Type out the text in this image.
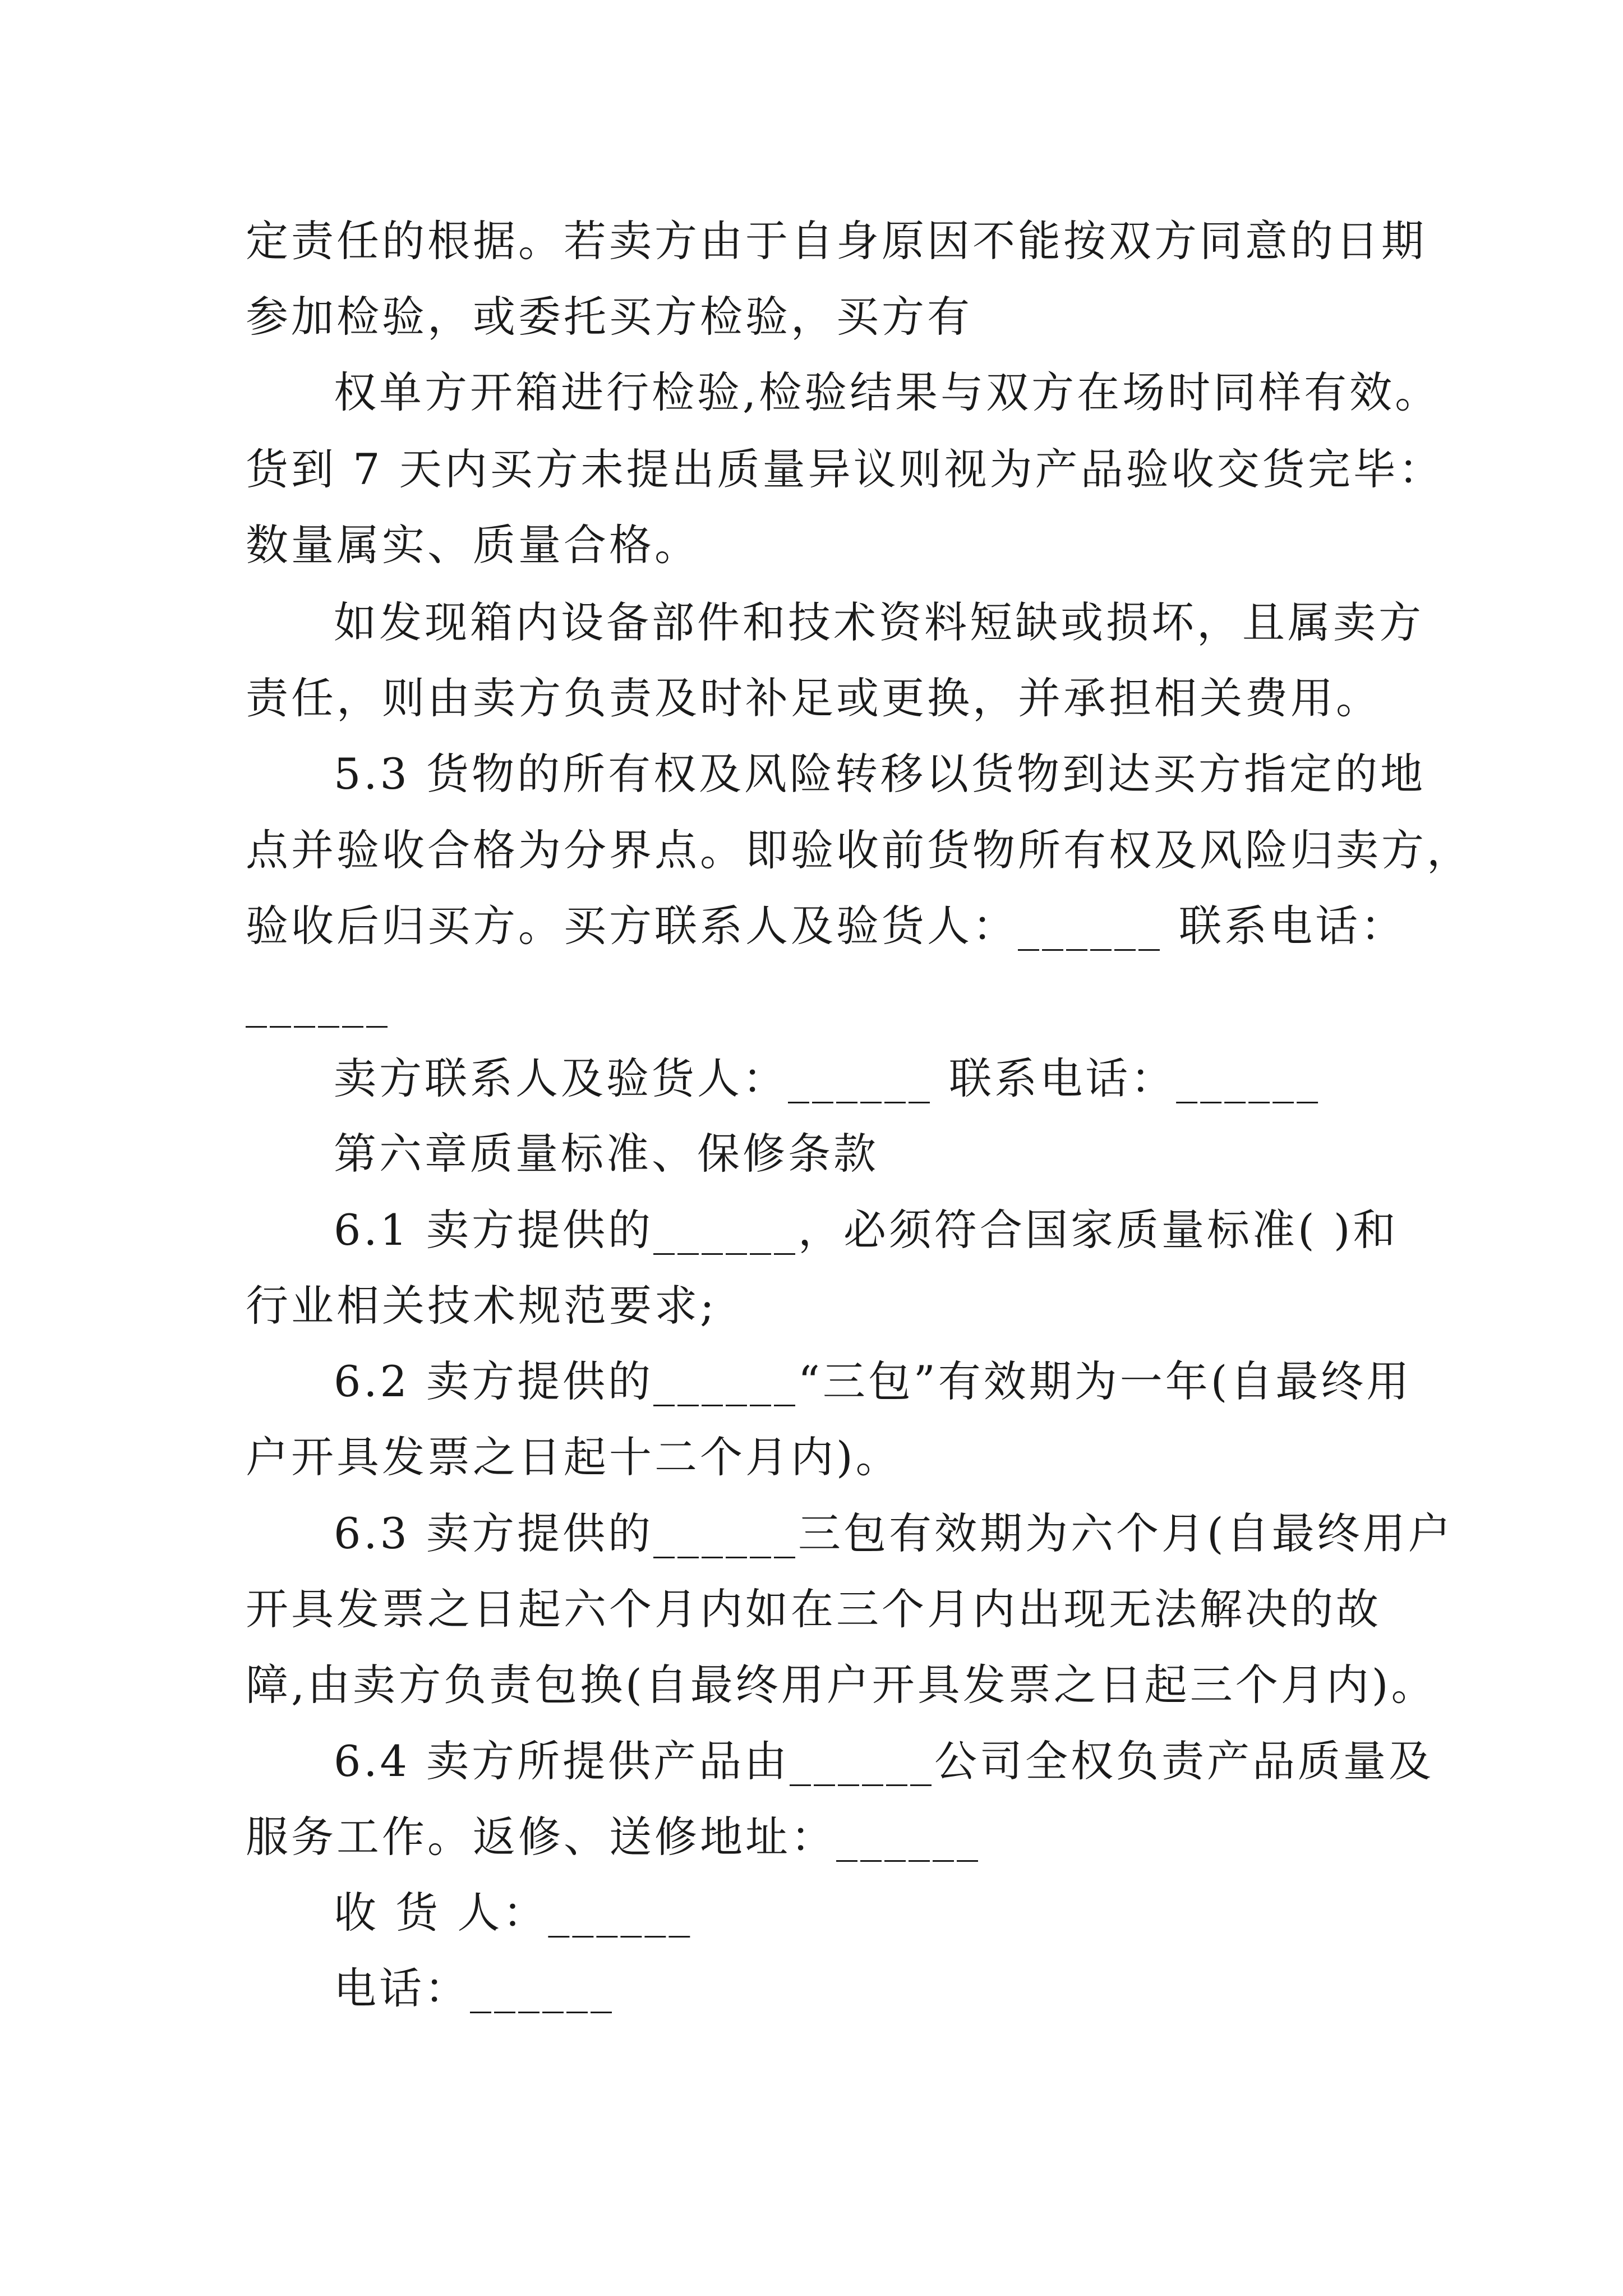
定责任的根据。若卖方由于自身原因不能按双方同意的日期

参加检验，或委托买方检验，买方有

权单方开箱进行检验,检验结果与双方在场时同样有效。

货到 7 天内买方未提出质量异议则视为产品验收交货完毕：

数量属实、质量合格。

如发现箱内设备部件和技术资料短缺或损坏，且属卖方

责任，则由卖方负责及时补足或更换，并承担相关费用。

5.3 货物的所有权及风险转移以货物到达买方指定的地

点并验收合格为分界点。即验收前货物所有权及风险归卖方，

验收后归买方。买方联系人及验货人：______ 联系电话：

______

卖方联系人及验货人：______ 联系电话：______

第六章质量标准、保修条款

6.1 卖方提供的______，必须符合国家质量标准( )和

行业相关技术规范要求;

6.2 卖方提供的______“三包”有效期为一年(自最终用

户开具发票之日起十二个月内)。

6.3 卖方提供的______三包有效期为六个月(自最终用户

开具发票之日起六个月内如在三个月内出现无法解决的故

障,由卖方负责包换(自最终用户开具发票之日起三个月内)。

6.4 卖方所提供产品由______公司全权负责产品质量及

服务工作。返修、送修地址：______

收 货 人：______

电话：______
